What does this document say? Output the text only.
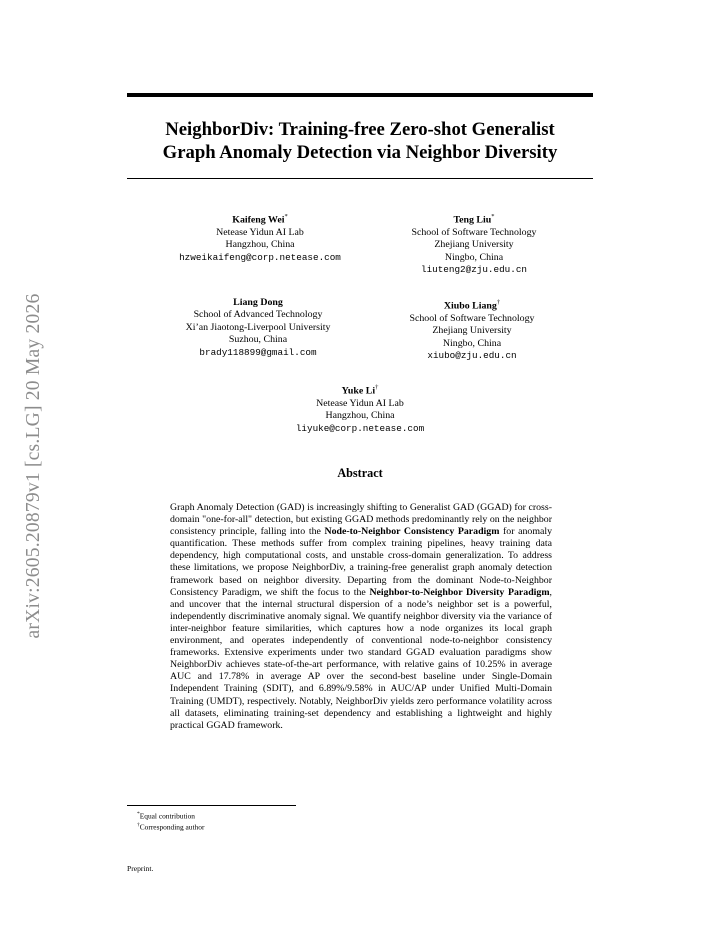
arXiv:2605.20879v1 [cs.LG] 20 May 2026
NeighborDiv: Training-free Zero-shot Generalist
Graph Anomaly Detection via Neighbor Diversity
Kaifeng Wei*
Netease Yidun AI Lab
Hangzhou, China
hzweikaifeng@corp.netease.com
Teng Liu*
School of Software Technology
Zhejiang University
Ningbo, China
liuteng2@zju.edu.cn
Liang Dong
School of Advanced Technology
Xi’an Jiaotong-Liverpool University
Suzhou, China
brady118899@gmail.com
Xiubo Liang†
School of Software Technology
Zhejiang University
Ningbo, China
xiubo@zju.edu.cn
Yuke Li†
Netease Yidun AI Lab
Hangzhou, China
liyuke@corp.netease.com
Abstract
Graph Anomaly Detection (GAD) is increasingly shifting to Generalist GAD (GGAD) for cross-domain "one-for-all" detection, but existing GGAD methods predominantly rely on the neighbor consistency principle, falling into the Node-to-Neighbor Consistency Paradigm for anomaly quantification. These methods suffer from complex training pipelines, heavy training data dependency, high computational costs, and unstable cross-domain generalization. To address these limitations, we propose NeighborDiv, a training-free generalist graph anomaly detection framework based on neighbor diversity. Departing from the dominant Node-to-Neighbor Consistency Paradigm, we shift the focus to the Neighbor-to-Neighbor Diversity Paradigm, and uncover that the internal structural dispersion of a node’s neighbor set is a powerful, independently discriminative anomaly signal. We quantify neighbor diversity via the variance of inter-neighbor feature similarities, which captures how a node organizes its local graph environment, and operates independently of conventional node-to-neighbor consistency frameworks. Extensive experiments under two standard GGAD evaluation paradigms show NeighborDiv achieves state-of-the-art performance, with relative gains of 10.25% in average AUC and 17.78% in average AP over the second-best baseline under Single-Domain Independent Training (SDIT), and 6.89%/9.58% in AUC/AP under Unified Multi-Domain Training (UMDT), respectively. Notably, NeighborDiv yields zero performance volatility across all datasets, eliminating training-set dependency and establishing a lightweight and highly practical GGAD framework.
*Equal contribution
†Corresponding author
Preprint.
